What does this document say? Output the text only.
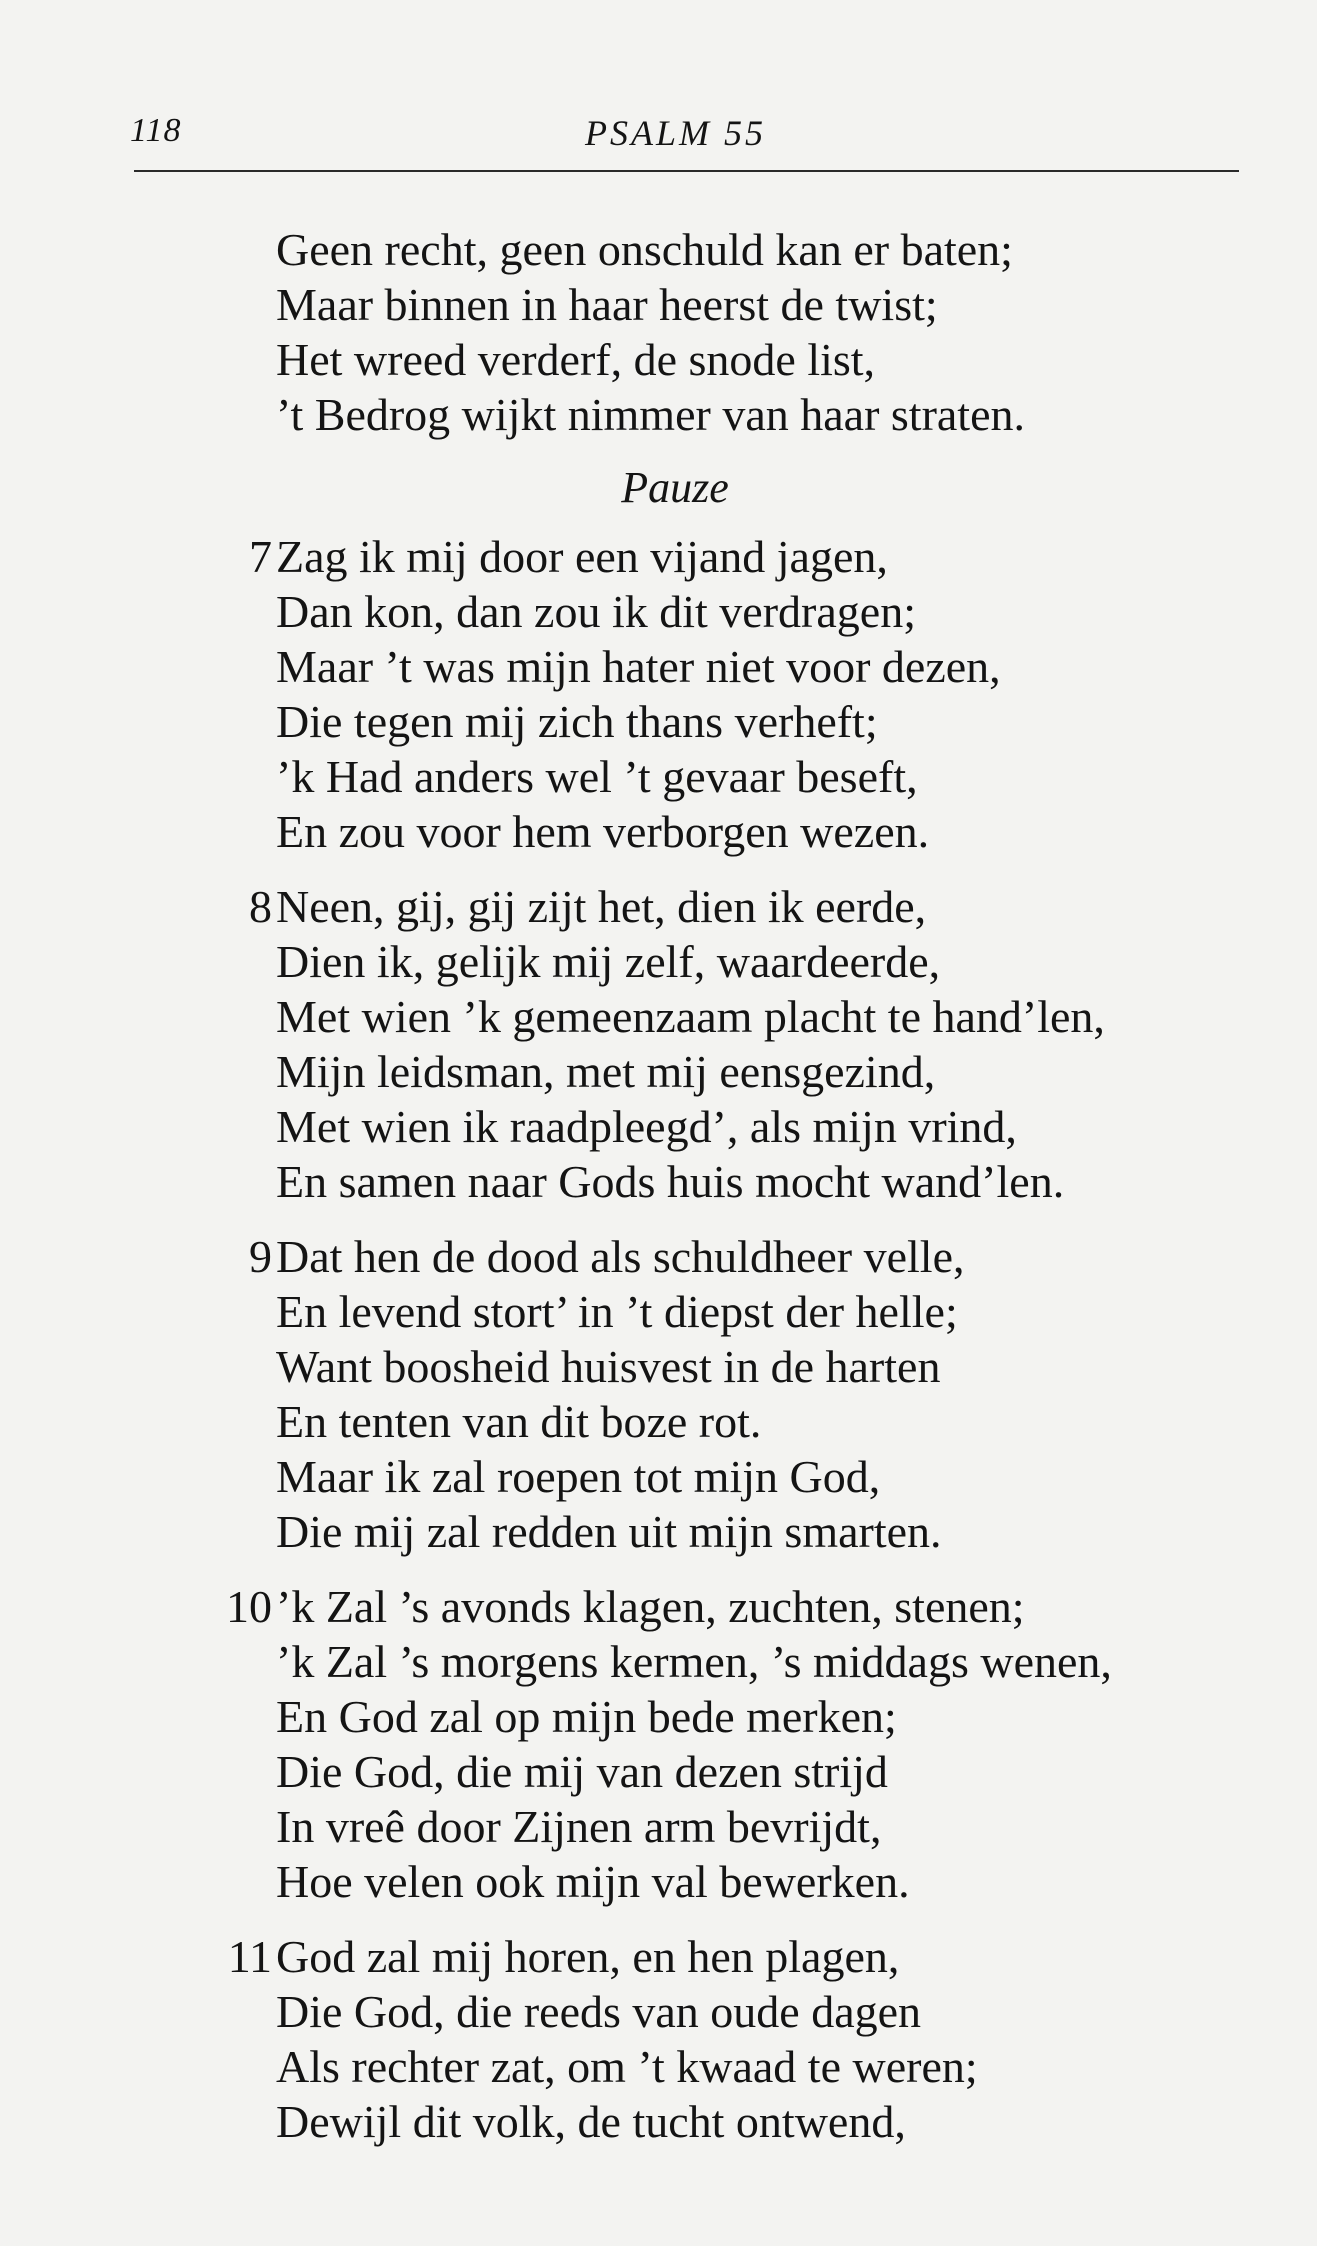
118	PSALM 55
Geen recht, geen onschuld kan er baten;
Maar binnen in haar heerst de twist;
Het wreed verderf, de snode list,
’t Bedrog wijkt nimmer van haar straten.
Pauze
7 Zag ik mij door een vijand jagen,
Dan kon, dan zou ik dit verdragen;
Maar ’t was mijn hater niet voor dezen,
Die tegen mij zich thans verheft;
’k Had anders wel ’t gevaar beseft,
En zou voor hem verborgen wezen.
8 Neen, gij, gij zijt het, dien ik eerde,
Dien ik, gelijk mij zelf, waardeerde,
Met wien ’k gemeenzaam placht te hand’len,
Mijn leidsman, met mij eensgezind,
Met wien ik raadpleegd’, als mijn vrind,
En samen naar Gods huis mocht wand’len.
9 Dat hen de dood als schuldheer velle,
En levend stort’ in ’t diepst der helle;
Want boosheid huisvest in de harten
En tenten van dit boze rot.
Maar ik zal roepen tot mijn God,
Die mij zal redden uit mijn smarten.
10 ’k Zal ’s avonds klagen, zuchten, stenen;
’k Zal ’s morgens kermen, ’s middags wenen,
En God zal op mijn bede merken;
Die God, die mij van dezen strijd
In vreê door Zijnen arm bevrijdt,
Hoe velen ook mijn val bewerken.
11 God zal mij horen, en hen plagen,
Die God, die reeds van oude dagen
Als rechter zat, om ’t kwaad te weren;
Dewijl dit volk, de tucht ontwend,
